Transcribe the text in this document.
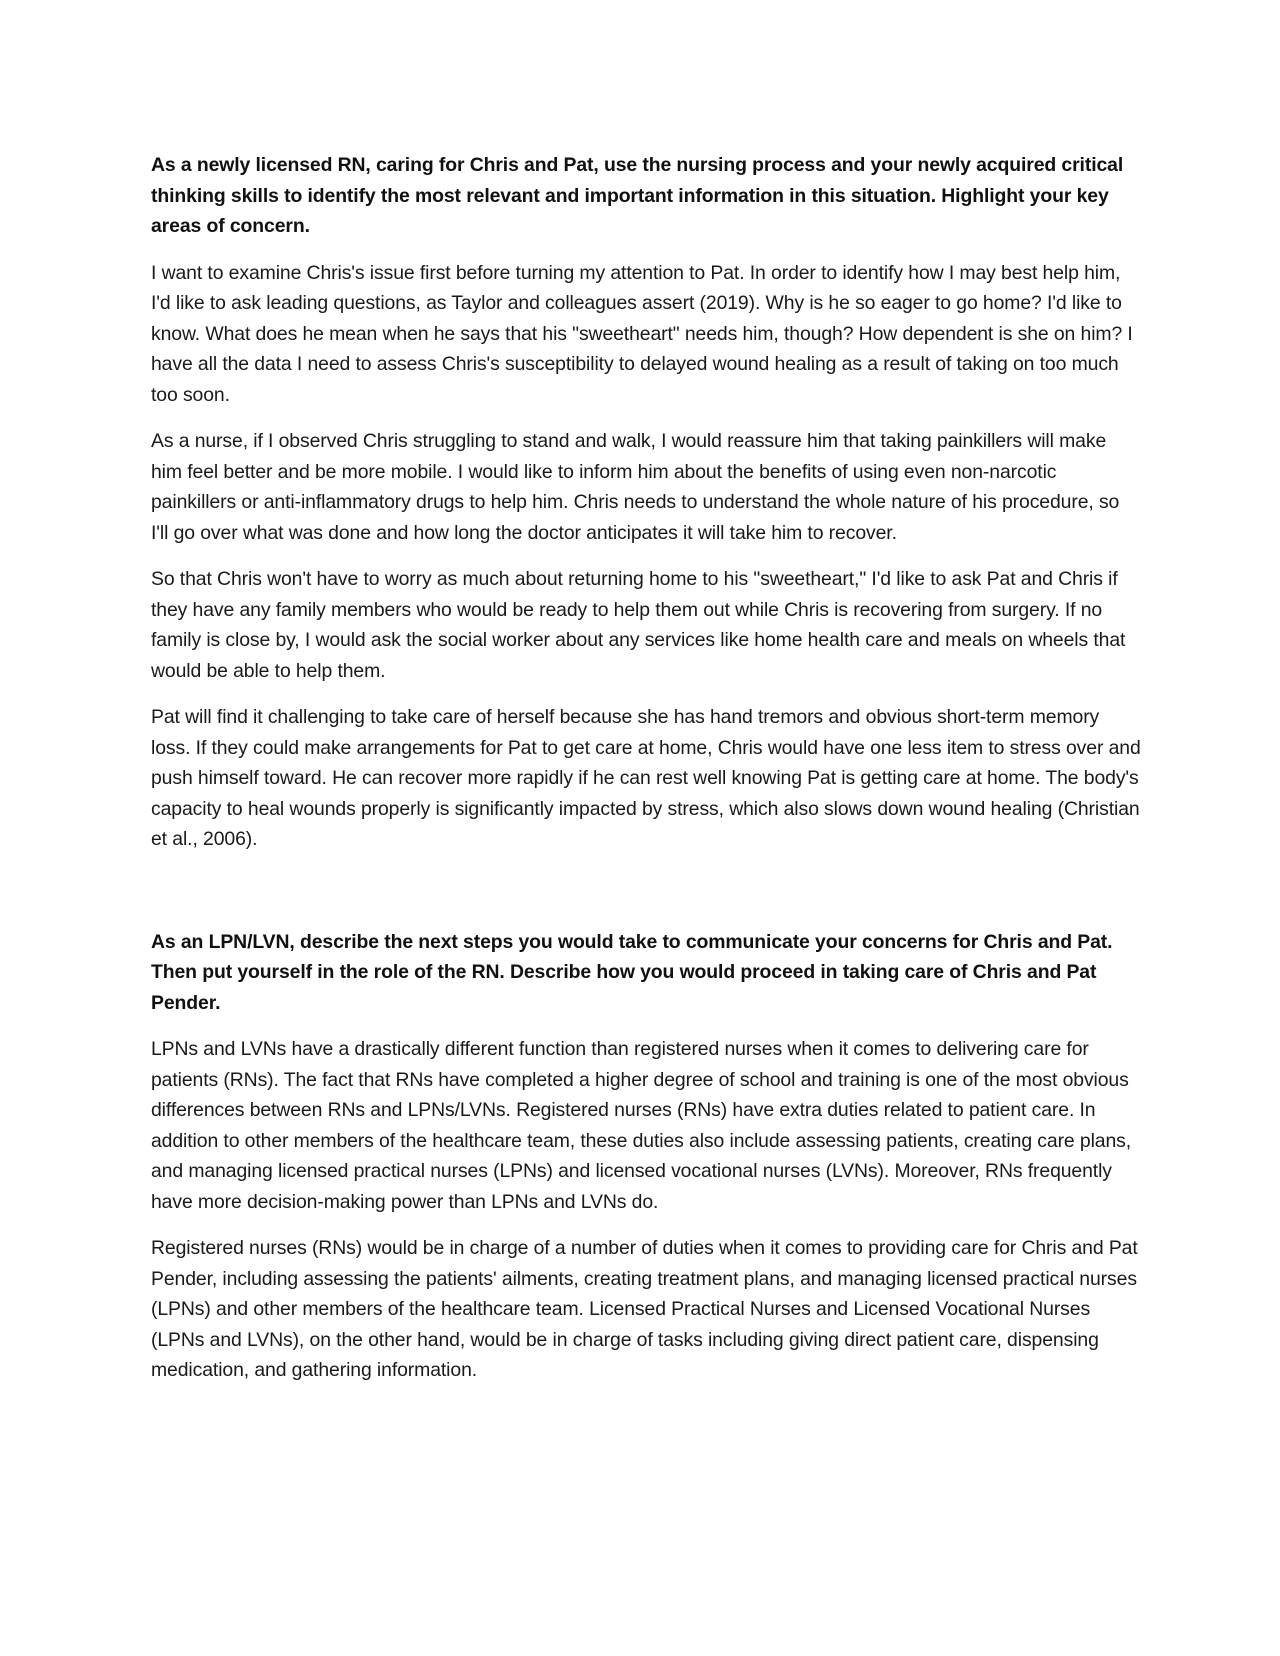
As a newly licensed RN, caring for Chris and Pat, use the nursing process and your newly acquired critical thinking skills to identify the most relevant and important information in this situation. Highlight your key areas of concern.

I want to examine Chris's issue first before turning my attention to Pat. In order to identify how I may best help him, I'd like to ask leading questions, as Taylor and colleagues assert (2019). Why is he so eager to go home? I'd like to know. What does he mean when he says that his "sweetheart" needs him, though? How dependent is she on him? I have all the data I need to assess Chris's susceptibility to delayed wound healing as a result of taking on too much too soon.

As a nurse, if I observed Chris struggling to stand and walk, I would reassure him that taking painkillers will make him feel better and be more mobile. I would like to inform him about the benefits of using even non-narcotic painkillers or anti-inflammatory drugs to help him. Chris needs to understand the whole nature of his procedure, so I'll go over what was done and how long the doctor anticipates it will take him to recover.

So that Chris won't have to worry as much about returning home to his "sweetheart," I'd like to ask Pat and Chris if they have any family members who would be ready to help them out while Chris is recovering from surgery. If no family is close by, I would ask the social worker about any services like home health care and meals on wheels that would be able to help them.

Pat will find it challenging to take care of herself because she has hand tremors and obvious short-term memory loss. If they could make arrangements for Pat to get care at home, Chris would have one less item to stress over and push himself toward. He can recover more rapidly if he can rest well knowing Pat is getting care at home. The body's capacity to heal wounds properly is significantly impacted by stress, which also slows down wound healing (Christian et al., 2006).

As an LPN/LVN, describe the next steps you would take to communicate your concerns for Chris and Pat. Then put yourself in the role of the RN. Describe how you would proceed in taking care of Chris and Pat Pender.

LPNs and LVNs have a drastically different function than registered nurses when it comes to delivering care for patients (RNs). The fact that RNs have completed a higher degree of school and training is one of the most obvious differences between RNs and LPNs/LVNs. Registered nurses (RNs) have extra duties related to patient care. In addition to other members of the healthcare team, these duties also include assessing patients, creating care plans, and managing licensed practical nurses (LPNs) and licensed vocational nurses (LVNs). Moreover, RNs frequently have more decision-making power than LPNs and LVNs do.

Registered nurses (RNs) would be in charge of a number of duties when it comes to providing care for Chris and Pat Pender, including assessing the patients' ailments, creating treatment plans, and managing licensed practical nurses (LPNs) and other members of the healthcare team. Licensed Practical Nurses and Licensed Vocational Nurses (LPNs and LVNs), on the other hand, would be in charge of tasks including giving direct patient care, dispensing medication, and gathering information.
